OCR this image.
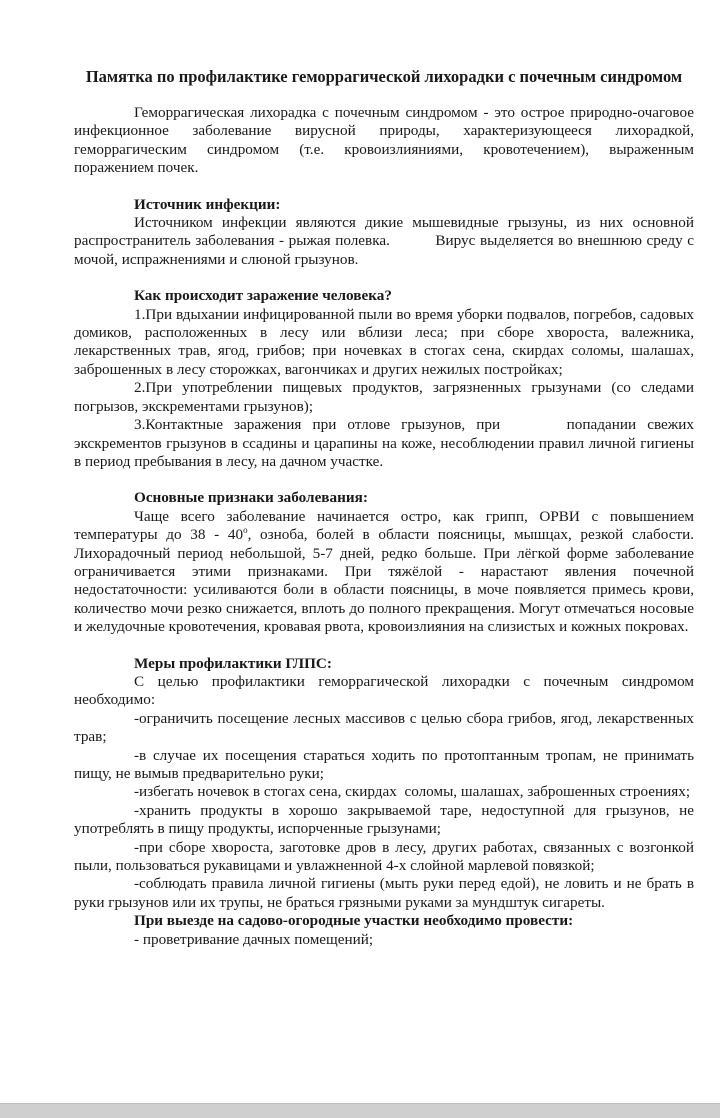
Памятка по профилактике геморрагической лихорадки с почечным синдромом

Геморрагическая лихорадка с почечным синдромом - это острое природно-очаговое инфекционное заболевание вирусной природы, характеризующееся лихорадкой, геморрагическим синдромом (т.е. кровоизлияниями, кровотечением), выраженным поражением почек.

Источник инфекции:

Источником инфекции являются дикие мышевидные грызуны, из них основной распространитель заболевания - рыжая полевка.          Вирус выделяется во внешнюю среду с мочой, испражнениями и слюной грызунов.

Как происходит заражение человека?

1.При вдыхании инфицированной пыли во время уборки подвалов, погребов, садовых домиков, расположенных в лесу или вблизи леса; при сборе хвороста, валежника, лекарственных трав, ягод, грибов; при ночевках в стогах сена, скирдах соломы, шалашах, заброшенных в лесу сторожках, вагончиках и других нежилых постройках;

2.При употреблении пищевых продуктов, загрязненных грызунами (со следами погрызов, экскрементами грызунов);

3.Контактные заражения при отлове грызунов, при      попадании свежих экскрементов грызунов в ссадины и царапины на коже, несоблюдении правил личной гигиены в период пребывания в лесу, на дачном участке.

Основные признаки заболевания:

Чаще всего заболевание начинается остро, как грипп, ОРВИ с повышением температуры до $38 - 40^о$, озноба, болей в области поясницы, мышцах, резкой слабости. Лихорадочный период небольшой, 5-7 дней, редко больше. При лёгкой форме заболевание ограничивается этими признаками. При тяжёлой - нарастают явления почечной недостаточности: усиливаются боли в области поясницы, в моче появляется примесь крови, количество мочи резко снижается, вплоть до полного прекращения. Могут отмечаться носовые и желудочные кровотечения, кровавая рвота, кровоизлияния на слизистых и кожных покровах.

Меры профилактики ГЛПС:

С целью профилактики геморрагической лихорадки с почечным синдромом необходимо:

-ограничить посещение лесных массивов с целью сбора грибов, ягод, лекарственных трав;

-в случае их посещения стараться ходить по протоптанным тропам, не принимать пищу, не вымыв предварительно руки;

-избегать ночевок в стогах сена, скирдах  соломы, шалашах, заброшенных строениях;

-хранить продукты в хорошо закрываемой таре, недоступной для грызунов, не употреблять в пищу продукты, испорченные грызунами;

-при сборе хвороста, заготовке дров в лесу, других работах, связанных с возгонкой пыли, пользоваться рукавицами и увлажненной 4-х слойной марлевой повязкой;

-соблюдать правила личной гигиены (мыть руки перед едой), не ловить и не брать в руки грызунов или их трупы, не браться грязными руками за мундштук сигареты.

При выезде на садово-огородные участки необходимо провести:

- проветривание дачных помещений;
